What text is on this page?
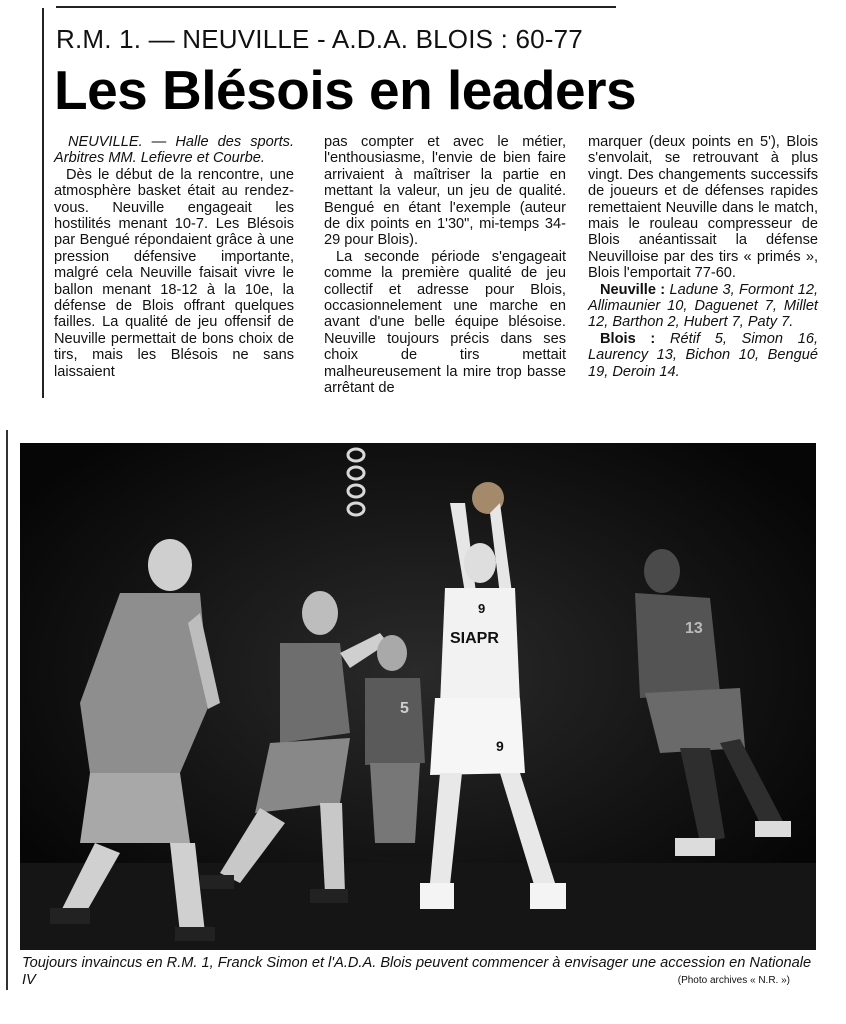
R.M. 1. — NEUVILLE - A.D.A. BLOIS : 60-77
Les Blésois en leaders

NEUVILLE. — Halle des sports. Arbitres MM. Lefievre et Courbe.

Dès le début de la rencontre, une atmosphère basket était au rendez-vous. Neuville engageait les hostilités menant 10-7. Les Blésois par Bengué répondaient grâce à une pression défensive importante, malgré cela Neuville faisait vivre le ballon menant 18-12 à la 10e, la défense de Blois offrant quelques failles. La qualité de jeu offensif de Neuville permettait de bons choix de tirs, mais les Blésois ne sans laissaient

pas compter et avec le métier, l'enthousiasme, l'envie de bien faire arrivaient à maîtriser la partie en mettant la valeur, un jeu de qualité. Bengué en étant l'exemple (auteur de dix points en 1'30", mi-temps 34-29 pour Blois).

La seconde période s'engageait comme la première qualité de jeu collectif et adresse pour Blois, occasionnelement une marche en avant d'une belle équipe blésoise. Neuville toujours précis dans ses choix de tirs mettait malheureusement la mire trop basse arrêtant de

marquer (deux points en 5'), Blois s'envolait, se retrouvant à plus vingt. Des changements successifs de joueurs et de défenses rapides remettaient Neuville dans le match, mais le rouleau compresseur de Blois anéantissait la défense Neuvilloise par des tirs « primés », Blois l'emportait 77-60.

Neuville : Ladune 3, Formont 12, Allimaunier 10, Daguenet 7, Millet 12, Barthon 2, Hubert 7, Paty 7.

Blois : Rétif 5, Simon 16, Laurency 13, Bichon 10, Bengué 19, Deroin 14.

5
SIAPR
9
9
13
Toujours invaincus en R.M. 1, Franck Simon et l'A.D.A. Blois peuvent commencer à envisager une accession en Nationale IV	(Photo archives « N.R. »)
